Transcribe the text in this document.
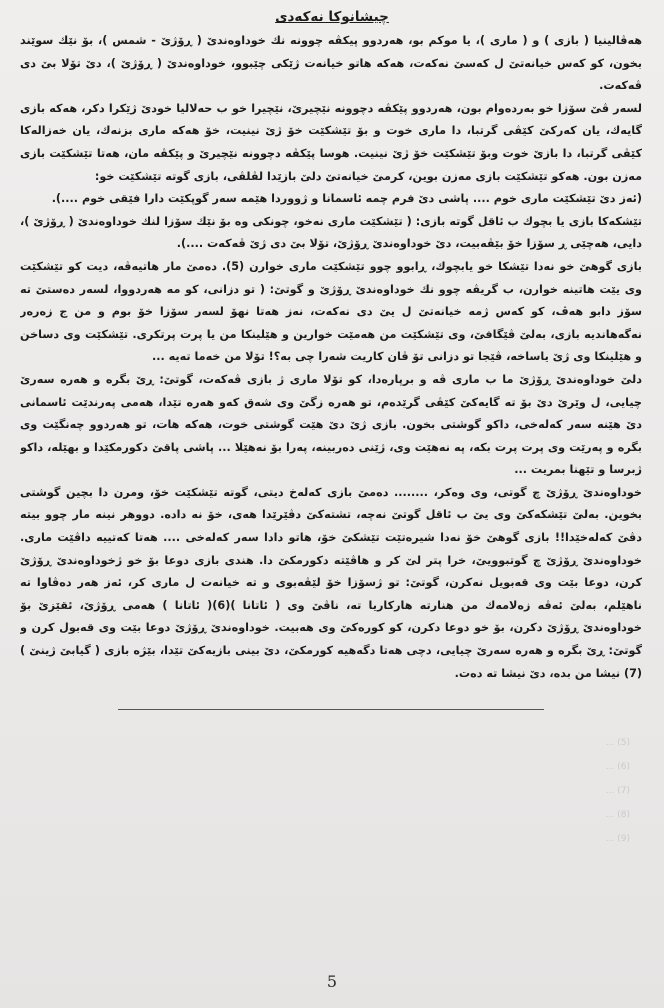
چیشانوکا نەکەدی

هەڤالینیا ( بازی ) و ( ماری )، یا موکم بو، هەردوو پیکڤە چوونە نك خوداوەندێ ( ڕۆژێ - شمس )، بۆ نێك سوێند بخون، کو کەس خیانەتێ ل کەسێ نەکەت، هەکە هاتو خیانەت ژێکی چێبوو، خوداوەندێ ( ڕۆژێ )، دێ تۆلا بێ دی ڤەکەت.

لسەر ڤێ سۆزا خو بەردەوام بون، هەردوو پێکڤە دچوونە نێچیرێ، نێچیرا خو ب حەلالیا خودێ ژێکرا دکر، هەکە بازی گایەك، یان کەرکێ کێڤی گرتبا، دا ماری خوت و بۆ تێشکێت خۆ ژێ نینیت، خۆ هەکە ماری بزنەك، یان خەزالەکا کێڤی گرتبا، دا بازێ خوت وبۆ تێشکێت خۆ ژێ نینیت. هوسا پێکڤە دچوونە نێچیرێ و پێکڤە مان، هەتا تێشکێت بازی مەزن بون. هەکو تێشکێت بازی مەزن بوین، کرمێ خیانەتێ دلێ بازێدا لڤلڤی، بازی گوتە تێشکێت خو:

(ئەز دێ تێشکێت ماری خوم .... پاشی دێ فرم چمە ئاسمانا و ژووردا هێمە سەر گوپکێت دارا فێقی خوم ....).

تێشکەکا بازی یا بچوك ب ئاقل گوتە بازی: ( تێشکێت ماری نەخو، چونکی وە بۆ نێك سۆزا لنك خوداوەندێ ( ڕۆژێ )، دایی، هەچێی ڕ سۆزا خۆ بێڤەبیت، دێ خوداوەندێ ڕۆژێ، تۆلا بێ دی ژێ ڤەکەت ....).

بازی گوهێ خو نەدا تێشکا خو یابچوك، ڕابوو چوو تێشکێت ماری خوارن (5). دەمێ مار هاتیەڤە، دیت کو تێشکێت وی یێت هاتینە خوارن، ب گریڤە چوو نك خوداوەندێ ڕۆژێ و گوتێ: ( تو دزانی، کو مە هەردووا، لسەر دەستێ تە سۆز دابو هەڤ، کو کەس ژمە خیانەتێ ل یێ دی نەکەت، نەز هەتا نهۆ لسەر سۆزا خۆ بوم و من ج زەرەر نەگەهاندیە بازی، بەلێ ڤێگافێ، وی تێشکێت من هەمێت خوارین و هێلینکا من یا پرت پرتکری. تێشکێت وی دساخن و هێلینکا وی ژێ یاساخە، ڤێجا تو دزانی تۆ ڤان کاریت شەرا چی بە؟! تۆلا من خەما تەیە ...

دلێ خوداوەندێ ڕۆژێ ما ب ماری ڤە و برپارەدا، کو تۆلا ماری ژ بازی ڤەکەت، گوتێ: ڕێ بگرە و هەرە سەرێ چیایی، ل وێرێ دێ بۆ تە گایەکێ کێڤی گرێدەم، تو هەرە زگێ وی شەق کەو هەرە تێدا، هەمی پەرندێت ئاسمانی دێ هێنە سەر کەلەخی، داکو گوشتی بخون. بازی ژێ دێ هێت گوشتی خوت، هەکە هات، تو هەردوو چەنگێت وی بگرە و پەرێت وی پرت پرت بکە، پە نەهێت وی، ژێنی دەربینە، پەرا بۆ نەهێلا ... پاشی پاقێ دکورمکێدا و بهێلە، داکو ژبرسا و تێهنا بمریت ...

خوداوەندێ ڕۆژێ چ گوتی، وی وەکر، ........ دەمێ بازی کەلەخ دیتی، گوتە تێشکێت خۆ، ومرن دا بچین گوشتی بخوین. بەلێ تێشکەکێ وی یێ ب ئاقل گوتێ نەچە، تشتەکێ دڤێرێدا هەی، خۆ نە دادە. دووهر نینە مار چوو بیتە دڤێ کەلەخێدا!! بازی گوهێ خۆ نەدا شیرەتێت تێشکێ خۆ، هاتو دادا سەر کەلەخی .... هەتا کەتییە داڤێت ماری. خوداوەندێ ڕۆژێ چ گوتبوویێ، خرا پتر لێ کر و هاڤێتە دکورمکێ دا. هندی بازی دوعا بۆ خو ژخوداوەندێ ڕۆژێ کرن، دوعا بێت وی قەبویل نەکرن، گوتێ: تو ژسۆزا خۆ لێڤەبوی و تە خیانەت ل ماری کر، ئەز هەر دەڤاوا تە ناهێلم، بەلێ ئەڤە زەلامەك من هنارتە هارکاریا تە، ناڤێ وی ( ئاتانا )(6)( ئاتانا ) هەمی ڕۆژێ، ئقێزێ بۆ خوداوەندێ ڕۆژێ دکرن، بۆ خو دوعا دکرن، کو کورەکێ وی هەبیت. خوداوەندێ ڕۆژێ دوعا بێت وی قەبول کرن و گوتێ: ڕێ بگرە و هەرە سەرێ چیایی، دچی هەتا دگەهیە کورمکێ، دێ بینی بازیەکێ تێدا، بێژە بازی ( گیابێ ژینێ )(7) نیشا من بدە، دێ نیشا تە دەت.

(5) ...

(6) ...

(7) ...

(8) ...

(9) ...

5
